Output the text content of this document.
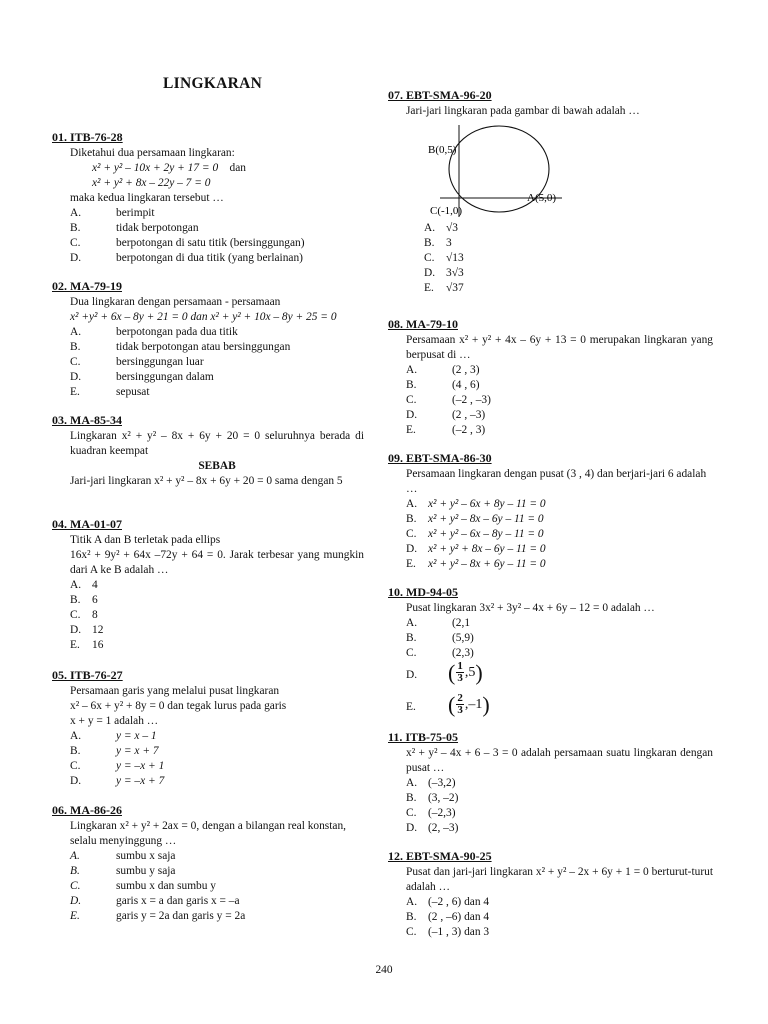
LINGKARAN
01. ITB-76-28
Diketahui dua persamaan lingkaran:
x² + y² – 10x + 2y + 17 = 0 dan
x² + y² + 8x – 22y – 7 = 0
maka kedua lingkaran tersebut …
A.	berimpit
B.	tidak berpotongan
C.	berpotongan di satu titik (bersinggungan)
D.	berpotongan di dua titik (yang berlainan)
02. MA-79-19
Dua lingkaran dengan persamaan - persamaan
x² +y² + 6x – 8y + 21 = 0 dan x² + y² + 10x – 8y + 25 = 0
A.	berpotongan pada dua titik
B.	tidak berpotongan atau bersinggungan
C.	bersinggungan luar
D.	bersinggungan dalam
E.	sepusat
03. MA-85-34
Lingkaran x² + y² – 8x + 6y + 20 = 0 seluruhnya berada di kuadran keempat
SEBAB
Jari-jari lingkaran x² + y² – 8x + 6y + 20 = 0 sama dengan 5
04. MA-01-07
Titik A dan B terletak pada ellips
16x² + 9y² + 64x –72y + 64 = 0. Jarak terbesar yang mungkin dari A ke B adalah …
A. 4
B. 6
C. 8
D. 12
E. 16
05. ITB-76-27
Persamaan garis yang melalui pusat lingkaran
x² – 6x + y² + 8y = 0 dan tegak lurus pada garis
x + y = 1 adalah …
A.	y = x – 1
B.	y = x + 7
C.	y = –x + 1
D.	y = –x + 7
06. MA-86-26
Lingkaran x² + y² + 2ax = 0, dengan a bilangan real konstan, selalu menyinggung …
A.	sumbu x saja
B.	sumbu y saja
C.	sumbu x dan sumbu y
D.	garis x = a dan garis x = –a
E.	garis y = 2a dan garis y = 2a
07. EBT-SMA-96-20
Jari-jari lingkaran pada gambar di bawah adalah …
B(0,5)
A(5,0)
C(-1,0)
A. √3
B. 3
C. √13
D. 3√3
E. √37
08. MA-79-10
Persamaan x² + y² + 4x – 6y + 13 = 0 merupakan lingkaran yang berpusat di …
A.	(2 , 3)
B.	(4 , 6)
C.	(–2 , –3)
D.	(2 , –3)
E.	(–2 , 3)
09. EBT-SMA-86-30
Persamaan lingkaran dengan pusat (3 , 4) dan berjari-jari 6 adalah …
A. x² + y² – 6x + 8y – 11 = 0
B. x² + y² – 8x – 6y – 11 = 0
C. x² + y² – 6x – 8y – 11 = 0
D. x² + y² + 8x – 6y – 11 = 0
E. x² + y² – 8x + 6y – 11 = 0
10. MD-94-05
Pusat lingkaran 3x² + 3y² – 4x + 6y – 12 = 0 adalah …
A.	(2,1
B.	(5,9)
C.	(2,3)
D. ( 1
3 ,5 )
E. ( 2
3 ,–1 )
11. ITB-75-05
x² + y² – 4x + 6 – 3 = 0 adalah persamaan suatu lingkaran dengan pusat …
A. (–3,2)
B. (3, –2)
C. (–2,3)
D. (2, –3)
12. EBT-SMA-90-25
Pusat dan jari-jari lingkaran x² + y² – 2x + 6y + 1 = 0 berturut-turut adalah …
A. (–2 , 6) dan 4
B. (2 , –6) dan 4
C. (–1 , 3) dan 3
240
